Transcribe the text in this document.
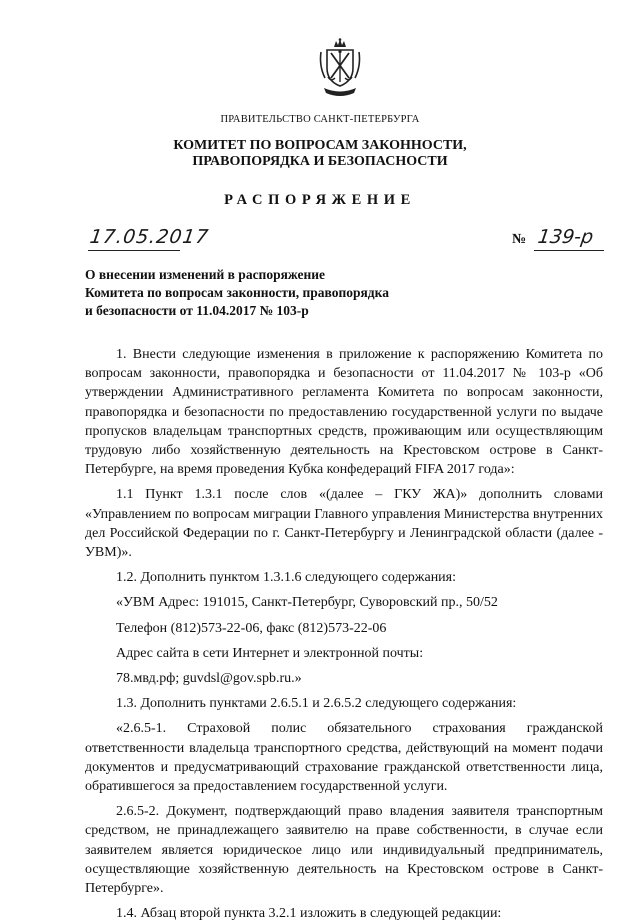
ПРАВИТЕЛЬСТВО САНКТ-ПЕТЕРБУРГА
КОМИТЕТ ПО ВОПРОСАМ ЗАКОННОСТИ,
ПРАВОПОРЯДКА И БЕЗОПАСНОСТИ
РАСПОРЯЖЕНИЕ
17.05.2017	№ 139-р
О внесении изменений в распоряжение
Комитета по вопросам законности, правопорядка
и безопасности от 11.04.2017 № 103-р

1. Внести следующие изменения в приложение к распоряжению Комитета по вопросам законности, правопорядка и безопасности от 11.04.2017 № 103-р «Об утверждении Административного регламента Комитета по вопросам законности, правопорядка и безопасности по предоставлению государственной услуги по выдаче пропусков владельцам транспортных средств, проживающим или осуществляющим трудовую либо хозяйственную деятельность на Крестовском острове в Санкт-Петербурге, на время проведения Кубка конфедераций FIFA 2017 года»:

1.1 Пункт 1.3.1 после слов «(далее – ГКУ ЖА)» дополнить словами «Управлением по вопросам миграции Главного управления Министерства внутренних дел Российской Федерации по г. Санкт-Петербургу и Ленинградской области (далее - УВМ)».

1.2. Дополнить пунктом 1.3.1.6 следующего содержания:

«УВМ Адрес: 191015, Санкт-Петербург, Суворовский пр., 50/52

Телефон (812)573-22-06, факс (812)573-22-06

Адрес сайта в сети Интернет и электронной почты:

78.мвд.рф; guvdsl@gov.spb.ru.»

1.3. Дополнить пунктами 2.6.5.1 и 2.6.5.2 следующего содержания:

«2.6.5-1. Страховой полис обязательного страхования гражданской ответственности владельца транспортного средства, действующий на момент подачи документов и предусматривающий страхование гражданской ответственности лица, обратившегося за предоставлением государственной услуги.

2.6.5-2. Документ, подтверждающий право владения заявителя транспортным средством, не принадлежащего заявителю на праве собственности, в случае если заявителем является юридическое лицо или индивидуальный предприниматель, осуществляющие хозяйственную деятельность на Крестовском острове в Санкт-Петербурге».

1.4. Абзац второй пункта 3.2.1 изложить в следующей редакции:
